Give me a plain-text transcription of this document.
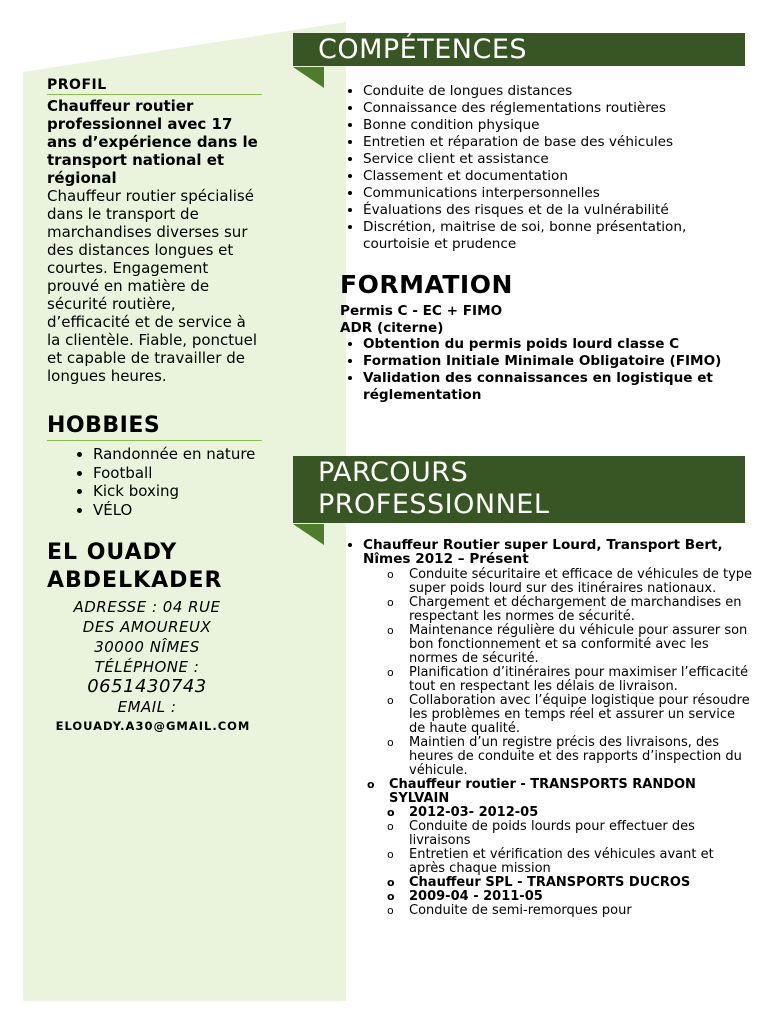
PROFIL
Chauffeur routier professionnel avec 17 ans d’expérience dans le transport national et régional
Chauffeur routier spécialisé dans le transport de marchandises diverses sur des distances longues et courtes. Engagement prouvé en matière de sécurité routière, d’efficacité et de service à la clientèle. Fiable, ponctuel et capable de travailler de longues heures.
HOBBIES
• Randonnée en nature
• Football
• Kick boxing
• VÉLO
EL OUADY
ABDELKADER
ADRESSE : 04 RUE
DES AMOUREUX
30000 NÎMES
TÉLÉPHONE :
0651430743
EMAIL :
ELOUADY.A30@GMAIL.COM
COMPÉTENCES
• Conduite de longues distances
• Connaissance des réglementations routières
• Bonne condition physique
• Entretien et réparation de base des véhicules
• Service client et assistance
• Classement et documentation
• Communications interpersonnelles
• Évaluations des risques et de la vulnérabilité
• Discrétion, maitrise de soi, bonne présentation, courtoisie et prudence
FORMATION
Permis C - EC + FIMO
ADR (citerne)
• Obtention du permis poids lourd classe C
• Formation Initiale Minimale Obligatoire (FIMO)
• Validation des connaissances en logistique et réglementation
PARCOURS
PROFESSIONNEL
• Chauffeur Routier super Lourd, Transport Bert, Nîmes 2012 – Présent
o Conduite sécuritaire et efficace de véhicules de type super poids lourd sur des itinéraires nationaux.
o Chargement et déchargement de marchandises en respectant les normes de sécurité.
o Maintenance régulière du véhicule pour assurer son bon fonctionnement et sa conformité avec les normes de sécurité.
o Planification d’itinéraires pour maximiser l’efficacité tout en respectant les délais de livraison.
o Collaboration avec l’équipe logistique pour résoudre les problèmes en temps réel et assurer un service de haute qualité.
o Maintien d’un registre précis des livraisons, des heures de conduite et des rapports d’inspection du véhicule.
o Chauffeur routier - TRANSPORTS RANDON SYLVAIN
o 2012-03- 2012-05
o Conduite de poids lourds pour effectuer des livraisons
o Entretien et vérification des véhicules avant et après chaque mission
o Chauffeur SPL - TRANSPORTS DUCROS
o 2009-04 - 2011-05
o Conduite de semi-remorques pour
